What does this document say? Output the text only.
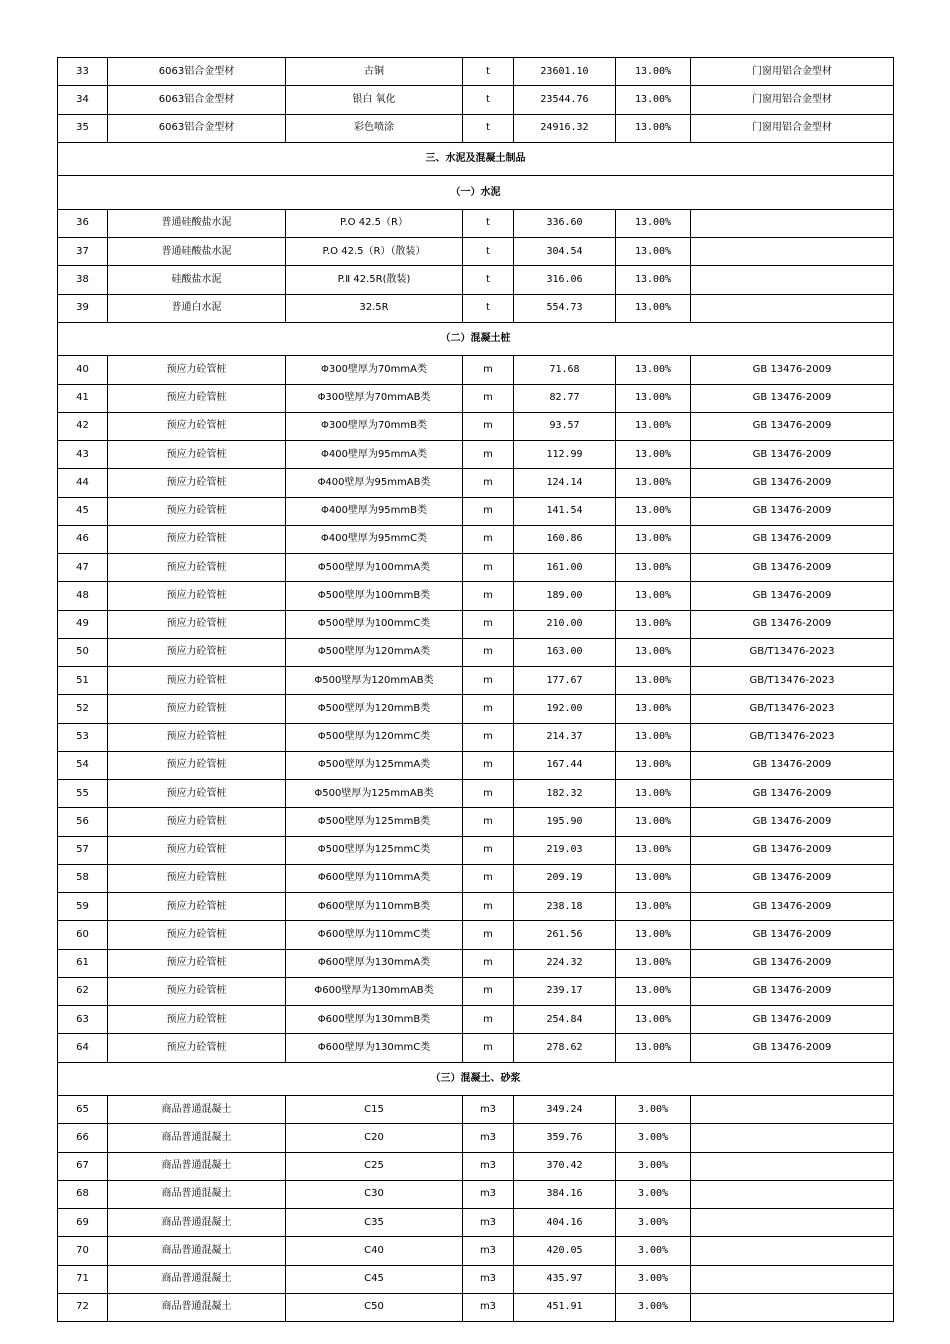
33	6063铝合金型材	古铜	t	23601.10	13.00%	门窗用铝合金型材
34	6063铝合金型材	银白 氧化	t	23544.76	13.00%	门窗用铝合金型材
35	6063铝合金型材	彩色喷涂	t	24916.32	13.00%	门窗用铝合金型材
三、水泥及混凝土制品						
（一）水泥						
36	普通硅酸盐水泥	P.O 42.5（R）	t	336.60	13.00%	
37	普通硅酸盐水泥	P.O 42.5（R）（散装）	t	304.54	13.00%	
38	硅酸盐水泥	P.Ⅱ 42.5R(散装)	t	316.06	13.00%	
39	普通白水泥	32.5R	t	554.73	13.00%	
（二）混凝土桩						
40	预应力砼管桩	Φ300壁厚为70mmA类	m	71.68	13.00%	GB 13476-2009
41	预应力砼管桩	Φ300壁厚为70mmAB类	m	82.77	13.00%	GB 13476-2009
42	预应力砼管桩	Φ300壁厚为70mmB类	m	93.57	13.00%	GB 13476-2009
43	预应力砼管桩	Φ400壁厚为95mmA类	m	112.99	13.00%	GB 13476-2009
44	预应力砼管桩	Φ400壁厚为95mmAB类	m	124.14	13.00%	GB 13476-2009
45	预应力砼管桩	Φ400壁厚为95mmB类	m	141.54	13.00%	GB 13476-2009
46	预应力砼管桩	Φ400壁厚为95mmC类	m	160.86	13.00%	GB 13476-2009
47	预应力砼管桩	Φ500壁厚为100mmA类	m	161.00	13.00%	GB 13476-2009
48	预应力砼管桩	Φ500壁厚为100mmB类	m	189.00	13.00%	GB 13476-2009
49	预应力砼管桩	Φ500壁厚为100mmC类	m	210.00	13.00%	GB 13476-2009
50	预应力砼管桩	Φ500壁厚为120mmA类	m	163.00	13.00%	GB/T13476-2023
51	预应力砼管桩	Φ500壁厚为120mmAB类	m	177.67	13.00%	GB/T13476-2023
52	预应力砼管桩	Φ500壁厚为120mmB类	m	192.00	13.00%	GB/T13476-2023
53	预应力砼管桩	Φ500壁厚为120mmC类	m	214.37	13.00%	GB/T13476-2023
54	预应力砼管桩	Φ500壁厚为125mmA类	m	167.44	13.00%	GB 13476-2009
55	预应力砼管桩	Φ500壁厚为125mmAB类	m	182.32	13.00%	GB 13476-2009
56	预应力砼管桩	Φ500壁厚为125mmB类	m	195.90	13.00%	GB 13476-2009
57	预应力砼管桩	Φ500壁厚为125mmC类	m	219.03	13.00%	GB 13476-2009
58	预应力砼管桩	Φ600壁厚为110mmA类	m	209.19	13.00%	GB 13476-2009
59	预应力砼管桩	Φ600壁厚为110mmB类	m	238.18	13.00%	GB 13476-2009
60	预应力砼管桩	Φ600壁厚为110mmC类	m	261.56	13.00%	GB 13476-2009
61	预应力砼管桩	Φ600壁厚为130mmA类	m	224.32	13.00%	GB 13476-2009
62	预应力砼管桩	Φ600壁厚为130mmAB类	m	239.17	13.00%	GB 13476-2009
63	预应力砼管桩	Φ600壁厚为130mmB类	m	254.84	13.00%	GB 13476-2009
64	预应力砼管桩	Φ600壁厚为130mmC类	m	278.62	13.00%	GB 13476-2009
（三）混凝土、砂浆						
65	商品普通混凝土	C15	m3	349.24	3.00%	
66	商品普通混凝土	C20	m3	359.76	3.00%	
67	商品普通混凝土	C25	m3	370.42	3.00%	
68	商品普通混凝土	C30	m3	384.16	3.00%	
69	商品普通混凝土	C35	m3	404.16	3.00%	
70	商品普通混凝土	C40	m3	420.05	3.00%	
71	商品普通混凝土	C45	m3	435.97	3.00%	
72	商品普通混凝土	C50	m3	451.91	3.00%	
